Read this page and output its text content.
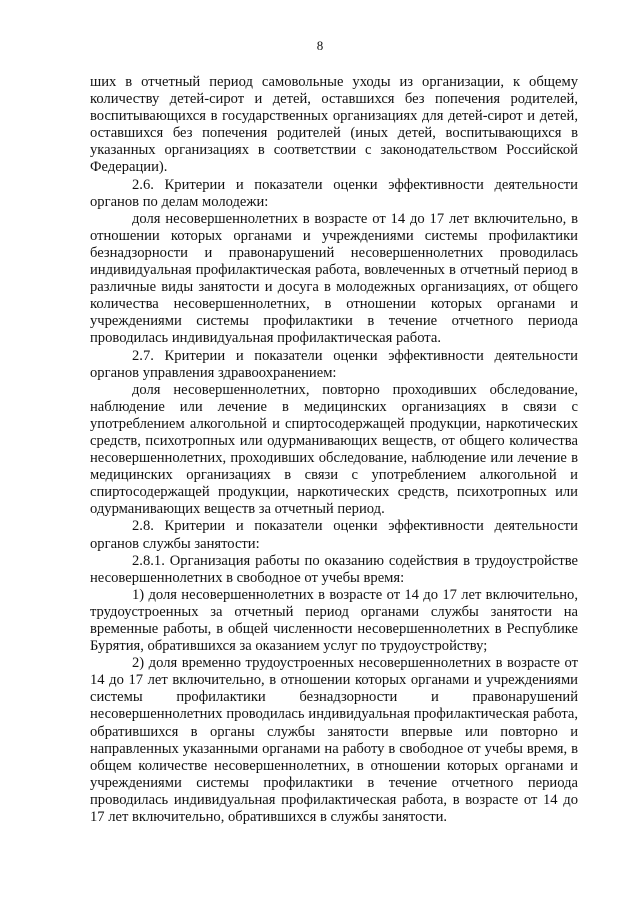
8

ших в отчетный период самовольные уходы из организации, к общему количеству детей-сирот и детей, оставшихся без попечения родителей, воспитывающихся в государственных организациях для детей-сирот и детей, оставшихся без попечения родителей (иных детей, воспитывающихся в указанных организациях в соответствии с законодательством Российской Федерации).

2.6. Критерии и показатели оценки эффективности деятельности органов по делам молодежи:

доля несовершеннолетних в возрасте от 14 до 17 лет включительно, в отношении которых органами и учреждениями системы профилактики безнадзорности и правонарушений несовершеннолетних проводилась индивидуальная профилактическая работа, вовлеченных в отчетный период в различные виды занятости и досуга в молодежных организациях, от общего количества несовершеннолетних, в отношении которых органами и учреждениями системы профилактики в течение отчетного периода проводилась индивидуальная профилактическая работа.

2.7. Критерии и показатели оценки эффективности деятельности органов управления здравоохранением:

доля несовершеннолетних, повторно проходивших обследование, наблюдение или лечение в медицинских организациях в связи с употреблением алкогольной и спиртосодержащей продукции, наркотических средств, психотропных или одурманивающих веществ, от общего количества несовершеннолетних, проходивших обследование, наблюдение или лечение в медицинских организациях в связи с употреблением алкогольной и спиртосодержащей продукции, наркотических средств, психотропных или одурманивающих веществ за отчетный период.

2.8. Критерии и показатели оценки эффективности деятельности органов службы занятости:

2.8.1. Организация работы по оказанию содействия в трудоустройстве несовершеннолетних в свободное от учебы время:

1) доля несовершеннолетних в возрасте от 14 до 17 лет включительно, трудоустроенных за отчетный период органами службы занятости на временные работы, в общей численности несовершеннолетних в Республике Бурятия, обратившихся за оказанием услуг по трудоустройству;

2) доля временно трудоустроенных несовершеннолетних в возрасте от 14 до 17 лет включительно, в отношении которых органами и учреждениями системы профилактики безнадзорности и правонарушений несовершеннолетних проводилась индивидуальная профилактическая работа, обратившихся в органы службы занятости впервые или повторно и направленных указанными органами на работу в свободное от учебы время, в общем количестве несовершеннолетних, в отношении которых органами и учреждениями системы профилактики в течение отчетного периода проводилась индивидуальная профилактическая работа, в возрасте от 14 до 17 лет включительно, обратившихся в службы занятости.
